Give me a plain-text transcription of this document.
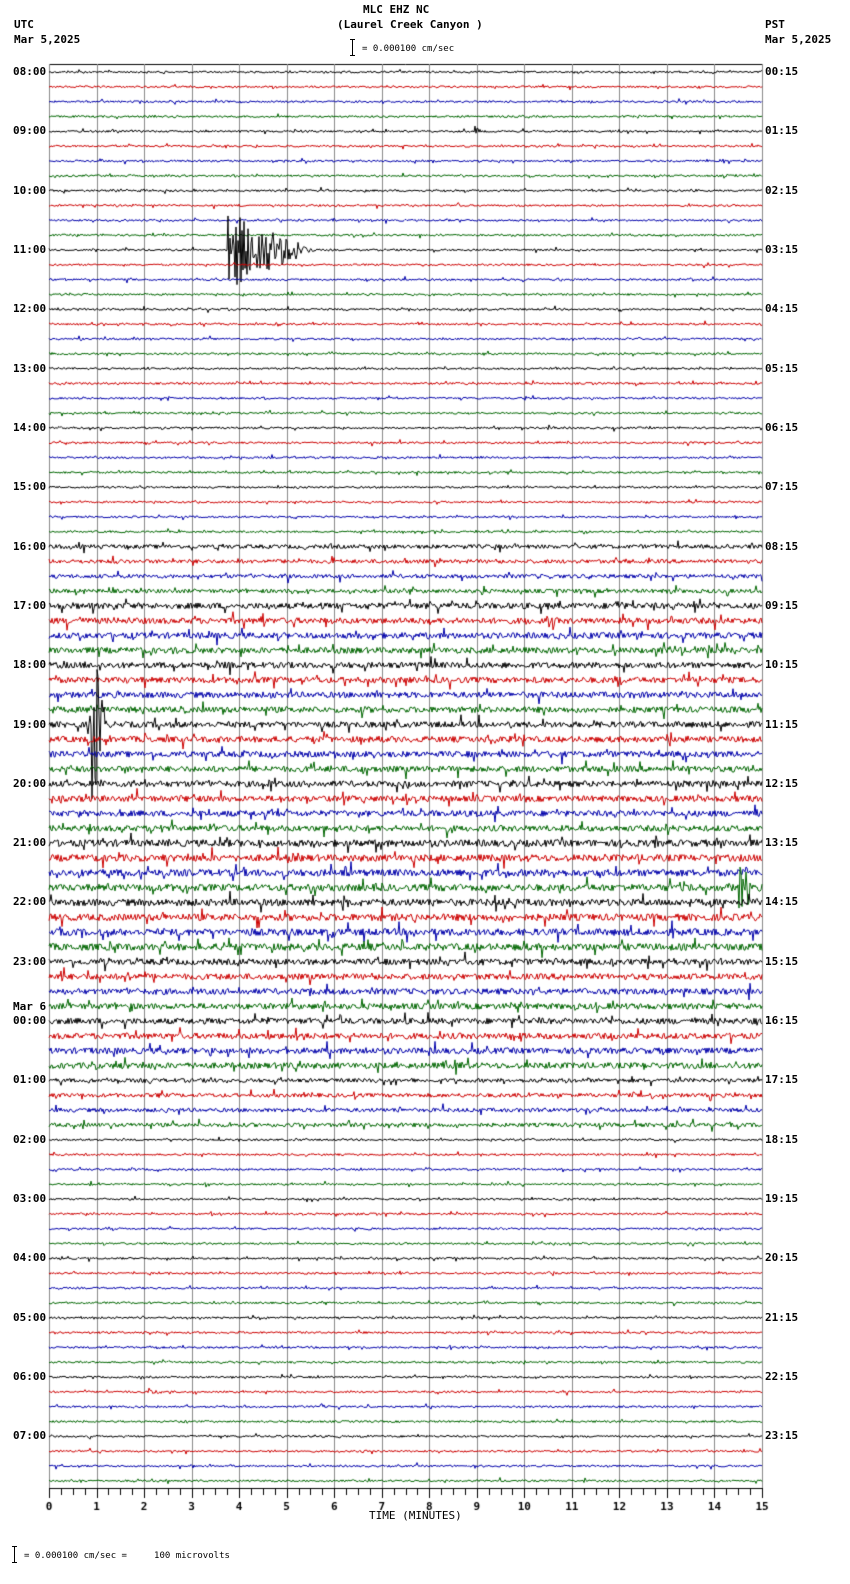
08:00
09:00
10:00
11:00
12:00
13:00
14:00
15:00
16:00
17:00
18:00
19:00
20:00
21:00
22:00
23:00
00:00
Mar 6
01:00
02:00
03:00
04:00
05:00
06:00
07:00
00:15
01:15
02:15
03:15
04:15
05:15
06:15
07:15
08:15
09:15
10:15
11:15
12:15
13:15
14:15
15:15
16:15
17:15
18:15
19:15
20:15
21:15
22:15
23:15
TIME (MINUTES)
= 0.000100 cm/sec =     100 microvolts
